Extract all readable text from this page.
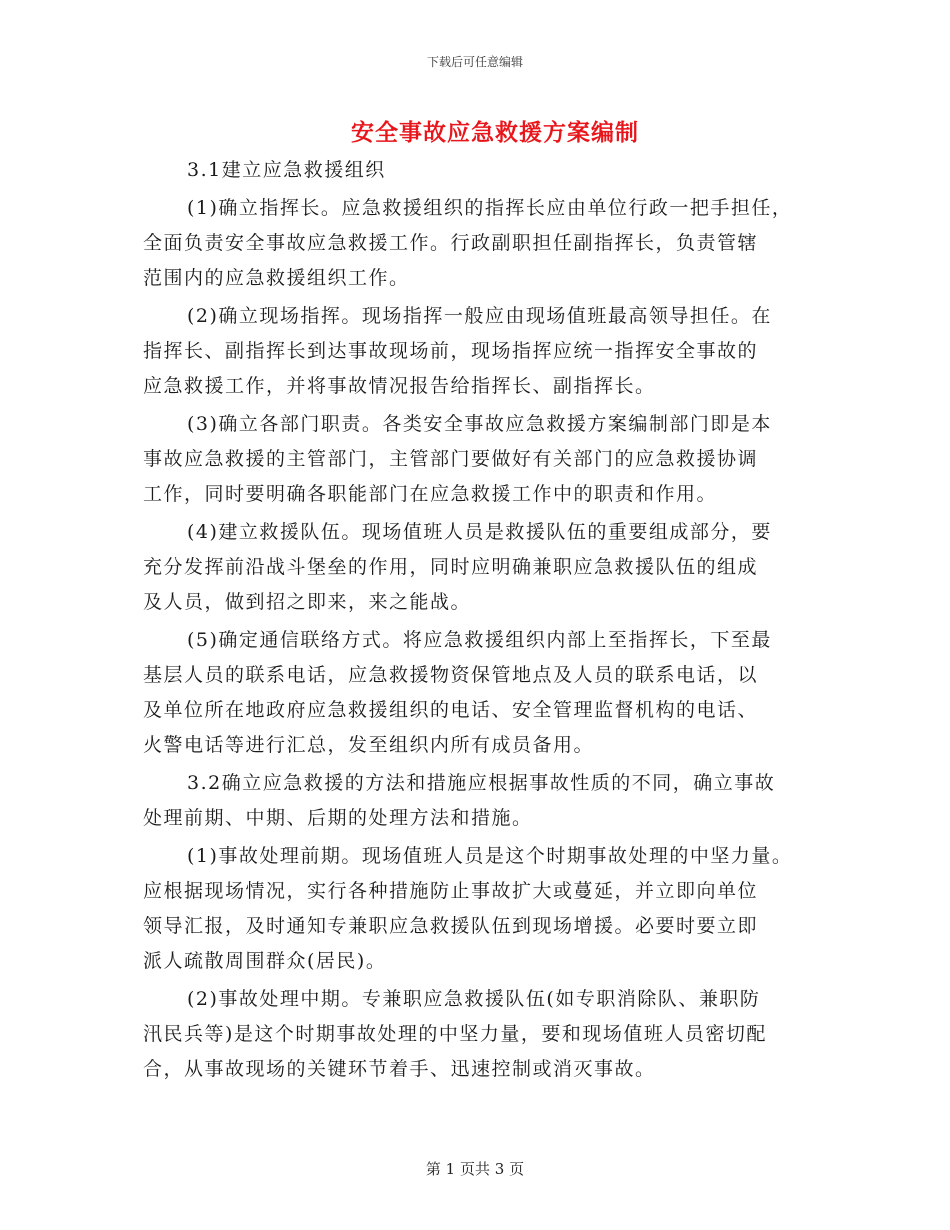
下载后可任意编辑
安全事故应急救援方案编制

3.1建立应急救援组织

(1)确立指挥长。应急救援组织的指挥长应由单位行政一把手担任，
全面负责安全事故应急救援工作。行政副职担任副指挥长，负责管辖
范围内的应急救援组织工作。

(2)确立现场指挥。现场指挥一般应由现场值班最高领导担任。在
指挥长、副指挥长到达事故现场前，现场指挥应统一指挥安全事故的
应急救援工作，并将事故情况报告给指挥长、副指挥长。

(3)确立各部门职责。各类安全事故应急救援方案编制部门即是本
事故应急救援的主管部门，主管部门要做好有关部门的应急救援协调
工作，同时要明确各职能部门在应急救援工作中的职责和作用。

(4)建立救援队伍。现场值班人员是救援队伍的重要组成部分，要
充分发挥前沿战斗堡垒的作用，同时应明确兼职应急救援队伍的组成
及人员，做到招之即来，来之能战。

(5)确定通信联络方式。将应急救援组织内部上至指挥长，下至最
基层人员的联系电话，应急救援物资保管地点及人员的联系电话，以
及单位所在地政府应急救援组织的电话、安全管理监督机构的电话、
火警电话等进行汇总，发至组织内所有成员备用。

3.2确立应急救援的方法和措施应根据事故性质的不同，确立事故
处理前期、中期、后期的处理方法和措施。

(1)事故处理前期。现场值班人员是这个时期事故处理的中坚力量。
应根据现场情况，实行各种措施防止事故扩大或蔓延，并立即向单位
领导汇报，及时通知专兼职应急救援队伍到现场增援。必要时要立即
派人疏散周围群众(居民)。

(2)事故处理中期。专兼职应急救援队伍(如专职消除队、兼职防
汛民兵等)是这个时期事故处理的中坚力量，要和现场值班人员密切配
合，从事故现场的关键环节着手、迅速控制或消灭事故。

第 1 页共 3 页
